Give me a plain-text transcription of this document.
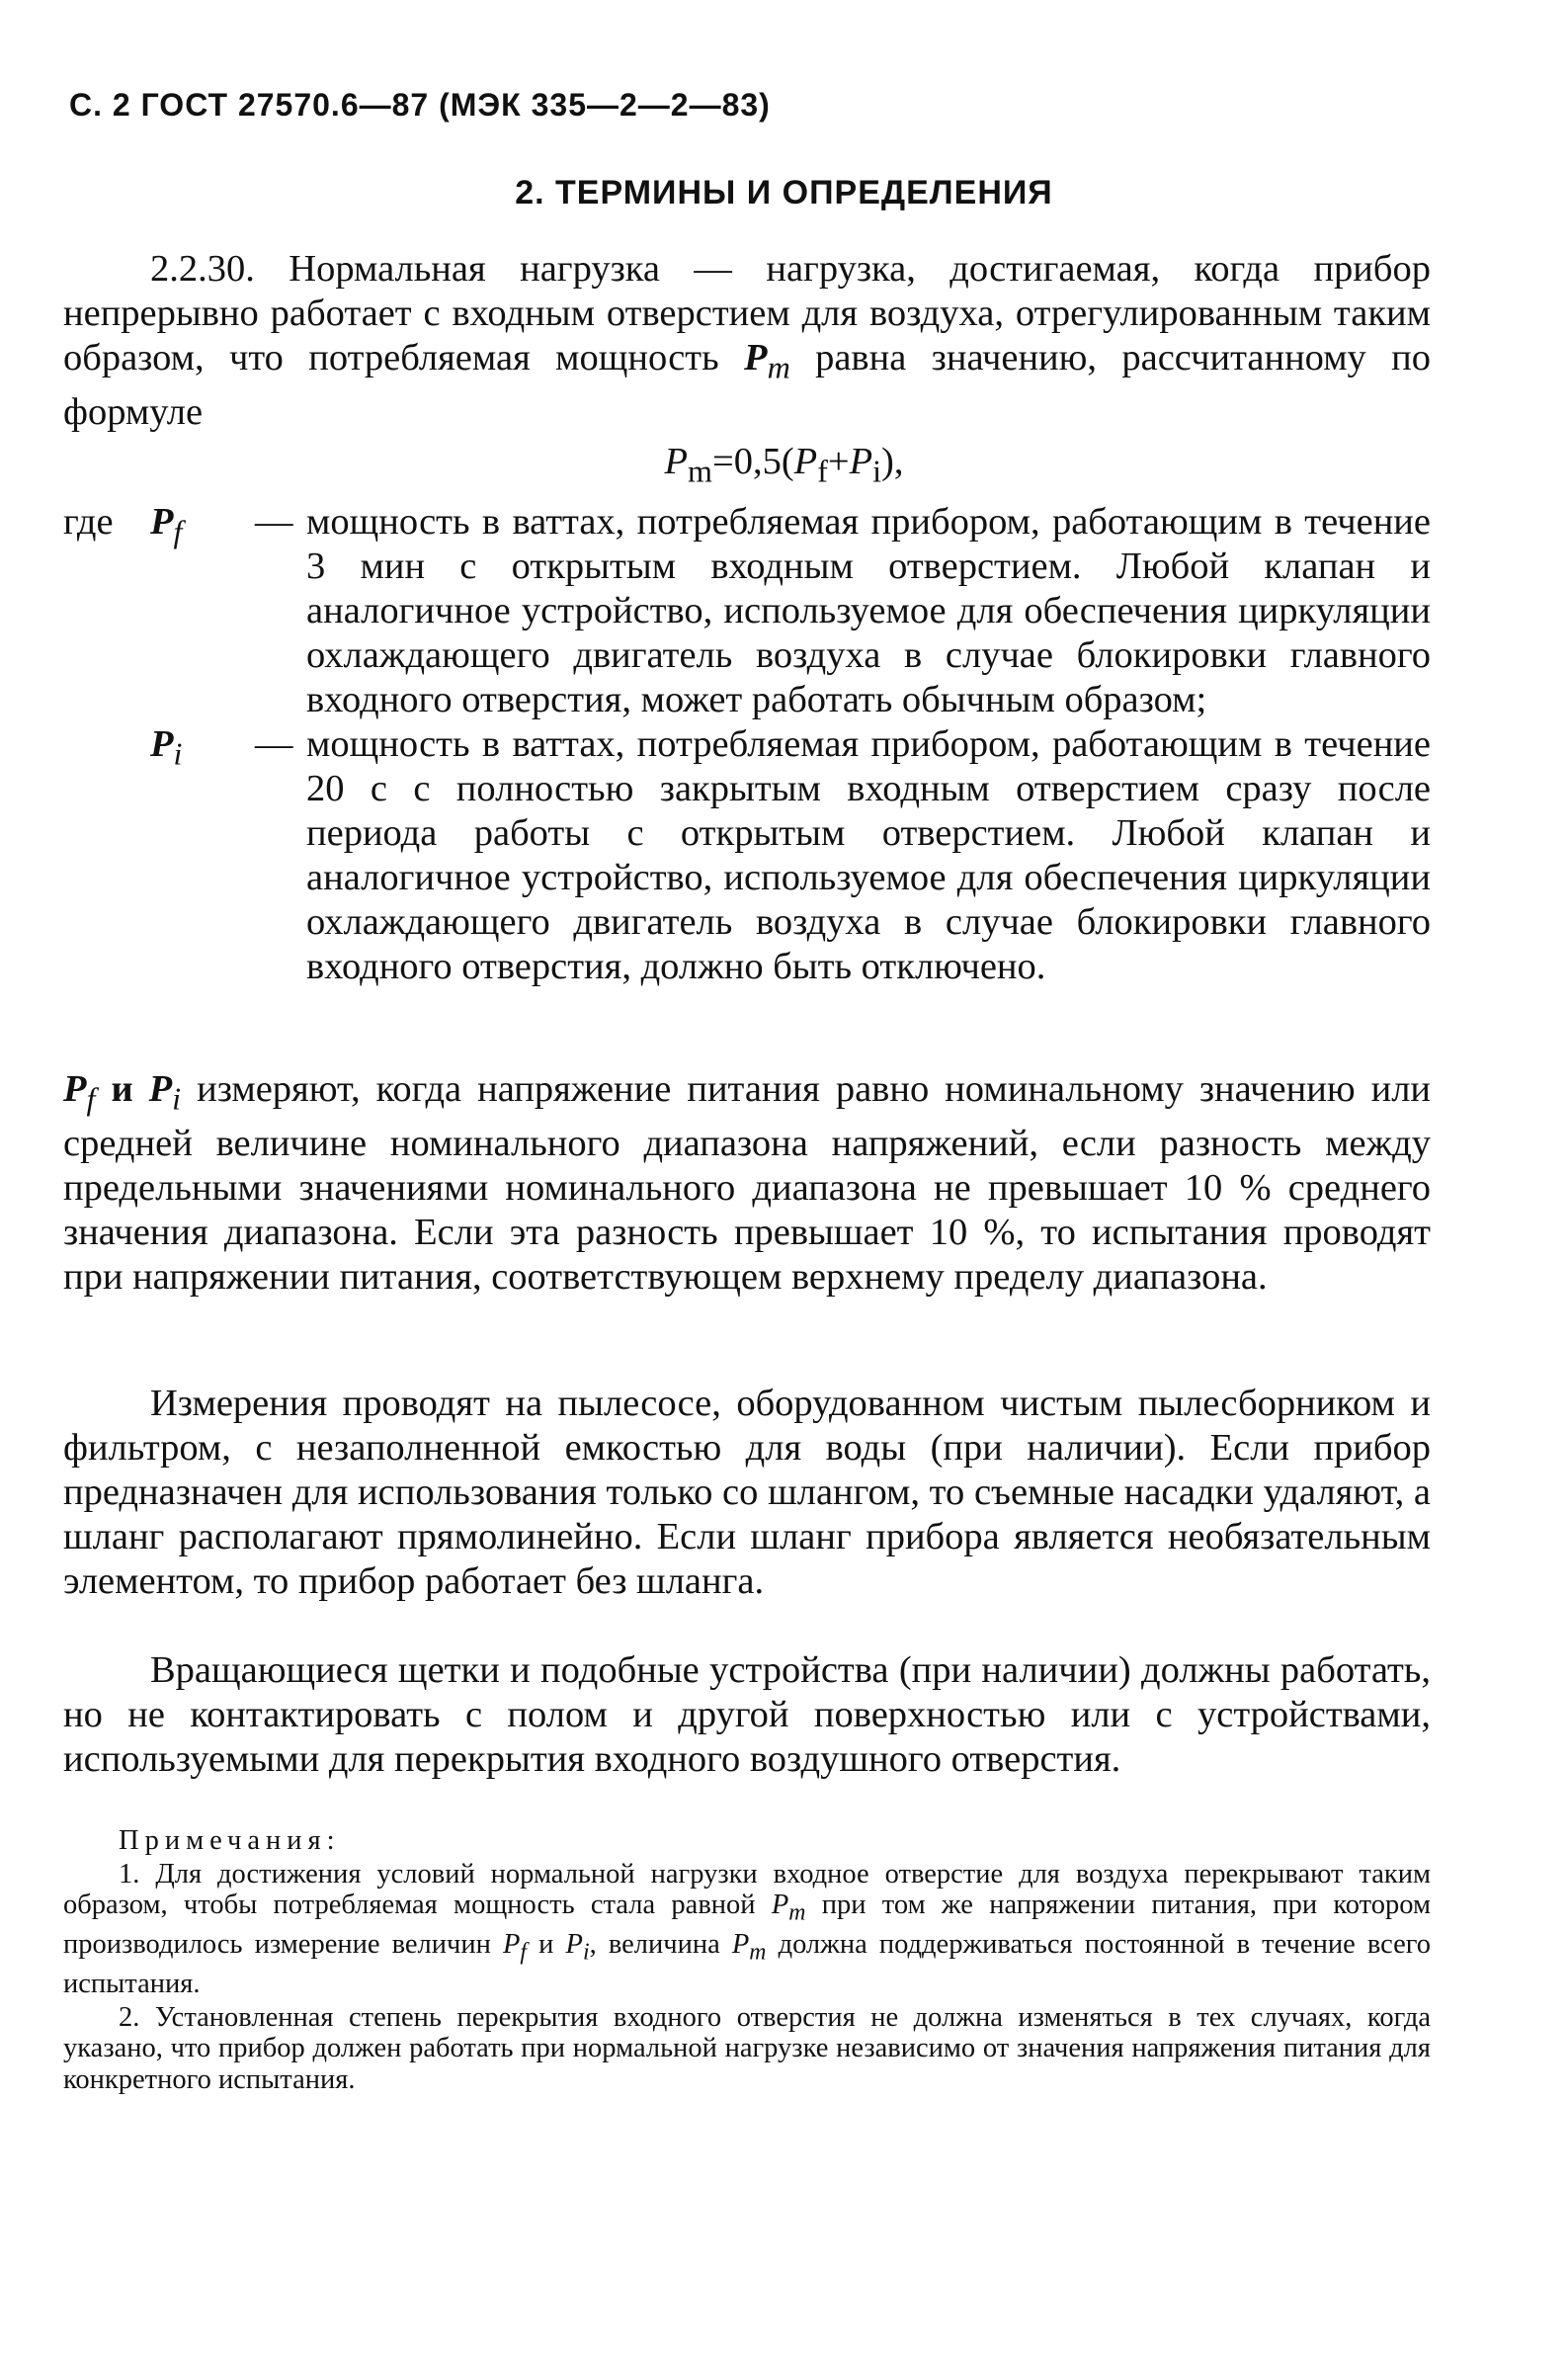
С. 2 ГОСТ 27570.6—87 (МЭК 335—2—2—83)
2. ТЕРМИНЫ И ОПРЕДЕЛЕНИЯ

2.2.30. Нормальная нагрузка — нагрузка, достигаемая, когда прибор непрерывно работает с входным отверстием для воздуха, отрегулированным таким образом, что потребляемая мощность $P_m$ равна значению, рассчитанному по формуле

$P_m=0,5(P_f+P_i)$,
где $P_f$	— мощность в ваттах, потребляемая прибором, работающим в течение 3 мин с открытым входным отверстием. Любой клапан и аналогичное устройство, используемое для обеспечения циркуляции охлаждающего двигатель воздуха в случае блокировки главного входного отверстия, может работать обычным образом;
$P_i$	— мощность в ваттах, потребляемая прибором, работающим в течение 20 с с полностью закрытым входным отверстием сразу после периода работы с открытым отверстием. Любой клапан и аналогичное устройство, используемое для обеспечения циркуляции охлаждающего двигатель воздуха в случае блокировки главного входного отверстия, должно быть отключено.

$P_f$ и $P_i$ измеряют, когда напряжение питания равно номинальному значению или средней величине номинального диапазона напряжений, если разность между предельными значениями номинального диапазона не превышает 10 % среднего значения диапазона. Если эта разность превышает 10 %, то испытания проводят при напряжении питания, соответствующем верхнему пределу диапазона.

Измерения проводят на пылесосе, оборудованном чистым пылесборником и фильтром, с незаполненной емкостью для воды (при наличии). Если прибор предназначен для использования только со шлангом, то съемные насадки удаляют, а шланг располагают прямолинейно. Если шланг прибора является необязательным элементом, то прибор работает без шланга.

Вращающиеся щетки и подобные устройства (при наличии) должны работать, но не контактировать с полом и другой поверхностью или с устройствами, используемыми для перекрытия входного воздушного отверстия.

Примечания:

1. Для достижения условий нормальной нагрузки входное отверстие для воздуха перекрывают таким образом, чтобы потребляемая мощность стала равной $P_m$ при том же напряжении питания, при котором производилось измерение величин $P_f$ и $P_i$, величина $P_m$ должна поддерживаться постоянной в течение всего испытания.

2. Установленная степень перекрытия входного отверстия не должна изменяться в тех случаях, когда указано, что прибор должен работать при нормальной нагрузке независимо от значения напряжения питания для конкретного испытания.
